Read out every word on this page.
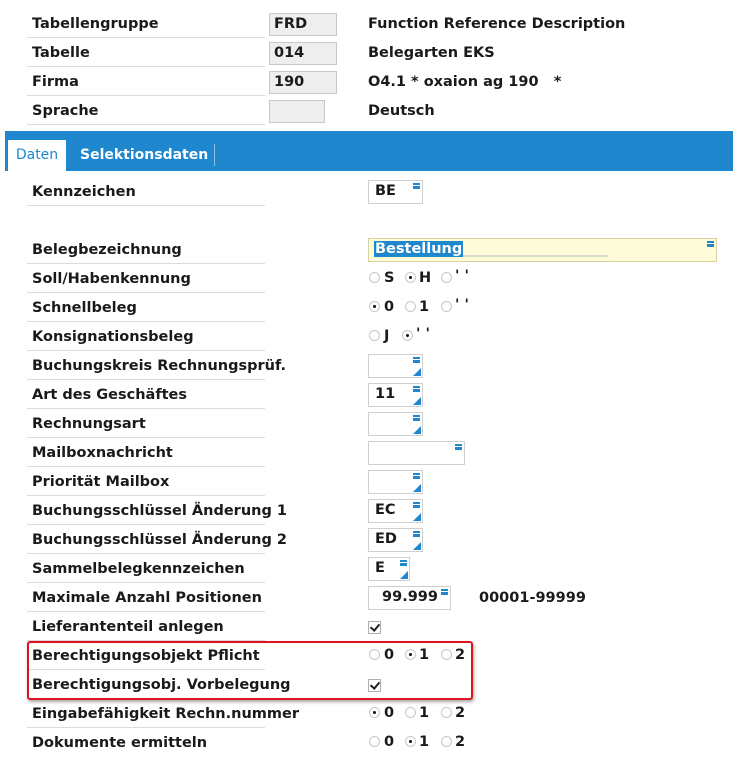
Tabellengruppe	FRD	Function Reference Description
Tabelle	014	Belegarten EKS
Firma	190	O4.1 * oxaion ag 190   *
Sprache	Deutsch
Daten	Selektionsdaten
Kennzeichen	BE
Belegbezeichnung	Bestellung____________________
Soll/Habenkennung	S H ' '
Schnellbeleg	0 1 ' '
Konsignationsbeleg	J ' '
Buchungskreis Rechnungsprüf.
Art des Geschäftes	11
Rechnungsart
Mailboxnachricht
Priorität Mailbox
Buchungsschlüssel Änderung 1	EC
Buchungsschlüssel Änderung 2	ED
Sammelbelegkennzeichen	E
Maximale Anzahl Positionen	99.999	00001-99999
Lieferantenteil anlegen
Berechtigungsobjekt Pflicht	0 1 2
Berechtigungsobj. Vorbelegung
Eingabefähigkeit Rechn.nummer	0 1 2
Dokumente ermitteln	0 1 2
